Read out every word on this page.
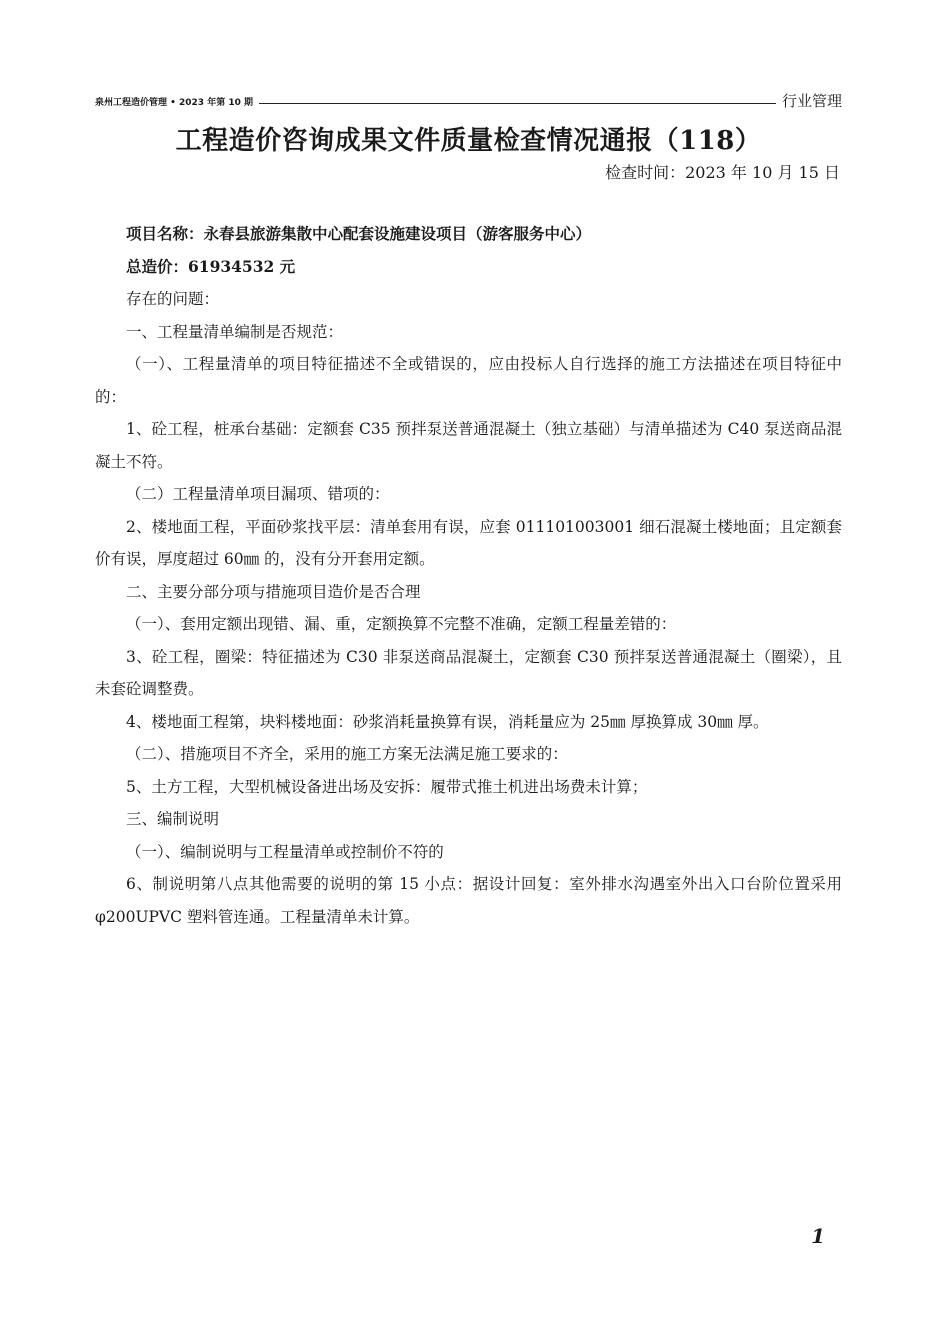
泉州工程造价管理 • 2023 年第 10 期	行业管理
工程造价咨询成果文件质量检查情况通报（118）
检查时间：2023 年 10 月 15 日

项目名称：永春县旅游集散中心配套设施建设项目（游客服务中心）

总造价：61934532 元

存在的问题：

一、工程量清单编制是否规范：

（一）、工程量清单的项目特征描述不全或错误的，应由投标人自行选择的施工方法描述在项目特征中的：

1、砼工程，桩承台基础：定额套 C35 预拌泵送普通混凝土（独立基础）与清单描述为 C40 泵送商品混凝土不符。

（二）工程量清单项目漏项、错项的：

2、楼地面工程，平面砂浆找平层：清单套用有误，应套 011101003001 细石混凝土楼地面；且定额套价有误，厚度超过 60㎜ 的，没有分开套用定额。

二、主要分部分项与措施项目造价是否合理

（一）、套用定额出现错、漏、重，定额换算不完整不准确，定额工程量差错的：

3、砼工程，圈梁：特征描述为 C30 非泵送商品混凝土，定额套 C30 预拌泵送普通混凝土（圈梁），且未套砼调整费。

4、楼地面工程第，块料楼地面：砂浆消耗量换算有误，消耗量应为 25㎜ 厚换算成 30㎜ 厚。

（二）、措施项目不齐全，采用的施工方案无法满足施工要求的：

5、土方工程，大型机械设备进出场及安拆：履带式推土机进出场费未计算；

三、编制说明

（一）、编制说明与工程量清单或控制价不符的

6、制说明第八点其他需要的说明的第 15 小点：据设计回复：室外排水沟遇室外出入口台阶位置采用 φ200UPVC 塑料管连通。工程量清单未计算。

1
